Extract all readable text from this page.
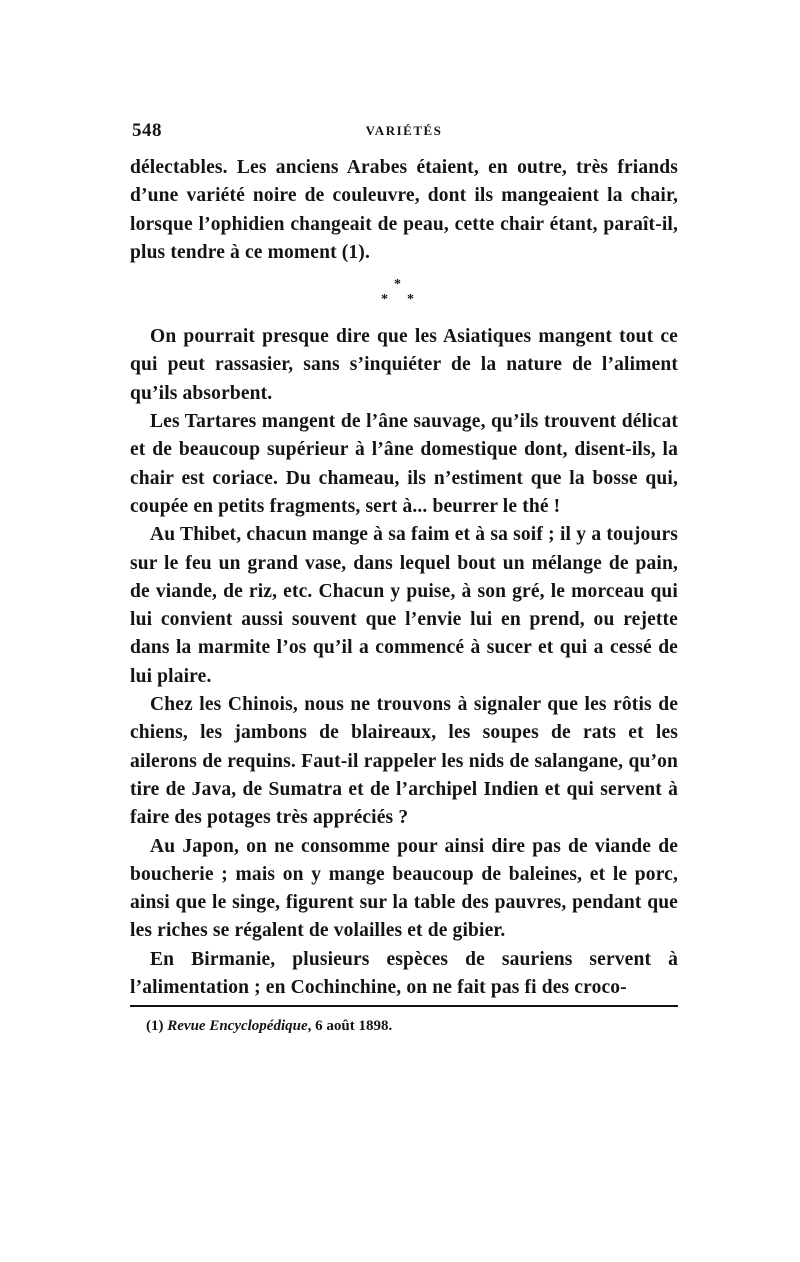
548	VARIÉTÉS

délectables. Les anciens Arabes étaient, en outre, très friands d’une variété noire de couleuvre, dont ils mangeaient la chair, lorsque l’ophidien changeait de peau, cette chair étant, paraît-il, plus tendre à ce moment (1).

*
* *

On pourrait presque dire que les Asiatiques mangent tout ce qui peut rassasier, sans s’inquiéter de la nature de l’aliment qu’ils absorbent.

Les Tartares mangent de l’âne sauvage, qu’ils trouvent délicat et de beaucoup supérieur à l’âne domestique dont, disent-ils, la chair est coriace. Du chameau, ils n’estiment que la bosse qui, coupée en petits fragments, sert à... beurrer le thé !

Au Thibet, chacun mange à sa faim et à sa soif ; il y a toujours sur le feu un grand vase, dans lequel bout un mélange de pain, de viande, de riz, etc. Chacun y puise, à son gré, le morceau qui lui convient aussi souvent que l’envie lui en prend, ou rejette dans la marmite l’os qu’il a commencé à sucer et qui a cessé de lui plaire.

Chez les Chinois, nous ne trouvons à signaler que les rôtis de chiens, les jambons de blaireaux, les soupes de rats et les ailerons de requins. Faut-il rappeler les nids de salangane, qu’on tire de Java, de Sumatra et de l’archipel Indien et qui servent à faire des potages très appréciés ?

Au Japon, on ne consomme pour ainsi dire pas de viande de boucherie ; mais on y mange beaucoup de baleines, et le porc, ainsi que le singe, figurent sur la table des pauvres, pendant que les riches se régalent de volailles et de gibier.

En Birmanie, plusieurs espèces de sauriens servent à l’alimentation ; en Cochinchine, on ne fait pas fi des croco-

(1) Revue Encyclopédique, 6 août 1898.
